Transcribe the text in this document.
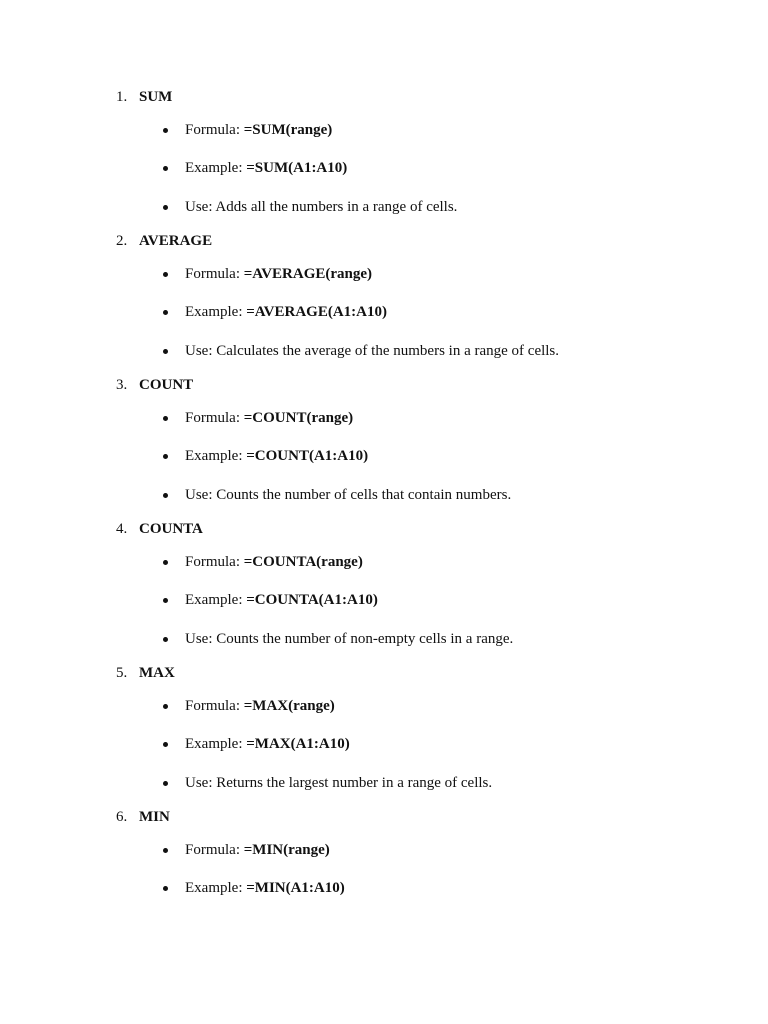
1. SUM
Formula: =SUM(range)
Example: =SUM(A1:A10)
Use: Adds all the numbers in a range of cells.
2. AVERAGE
Formula: =AVERAGE(range)
Example: =AVERAGE(A1:A10)
Use: Calculates the average of the numbers in a range of cells.
3. COUNT
Formula: =COUNT(range)
Example: =COUNT(A1:A10)
Use: Counts the number of cells that contain numbers.
4. COUNTA
Formula: =COUNTA(range)
Example: =COUNTA(A1:A10)
Use: Counts the number of non-empty cells in a range.
5. MAX
Formula: =MAX(range)
Example: =MAX(A1:A10)
Use: Returns the largest number in a range of cells.
6. MIN
Formula: =MIN(range)
Example: =MIN(A1:A10)
